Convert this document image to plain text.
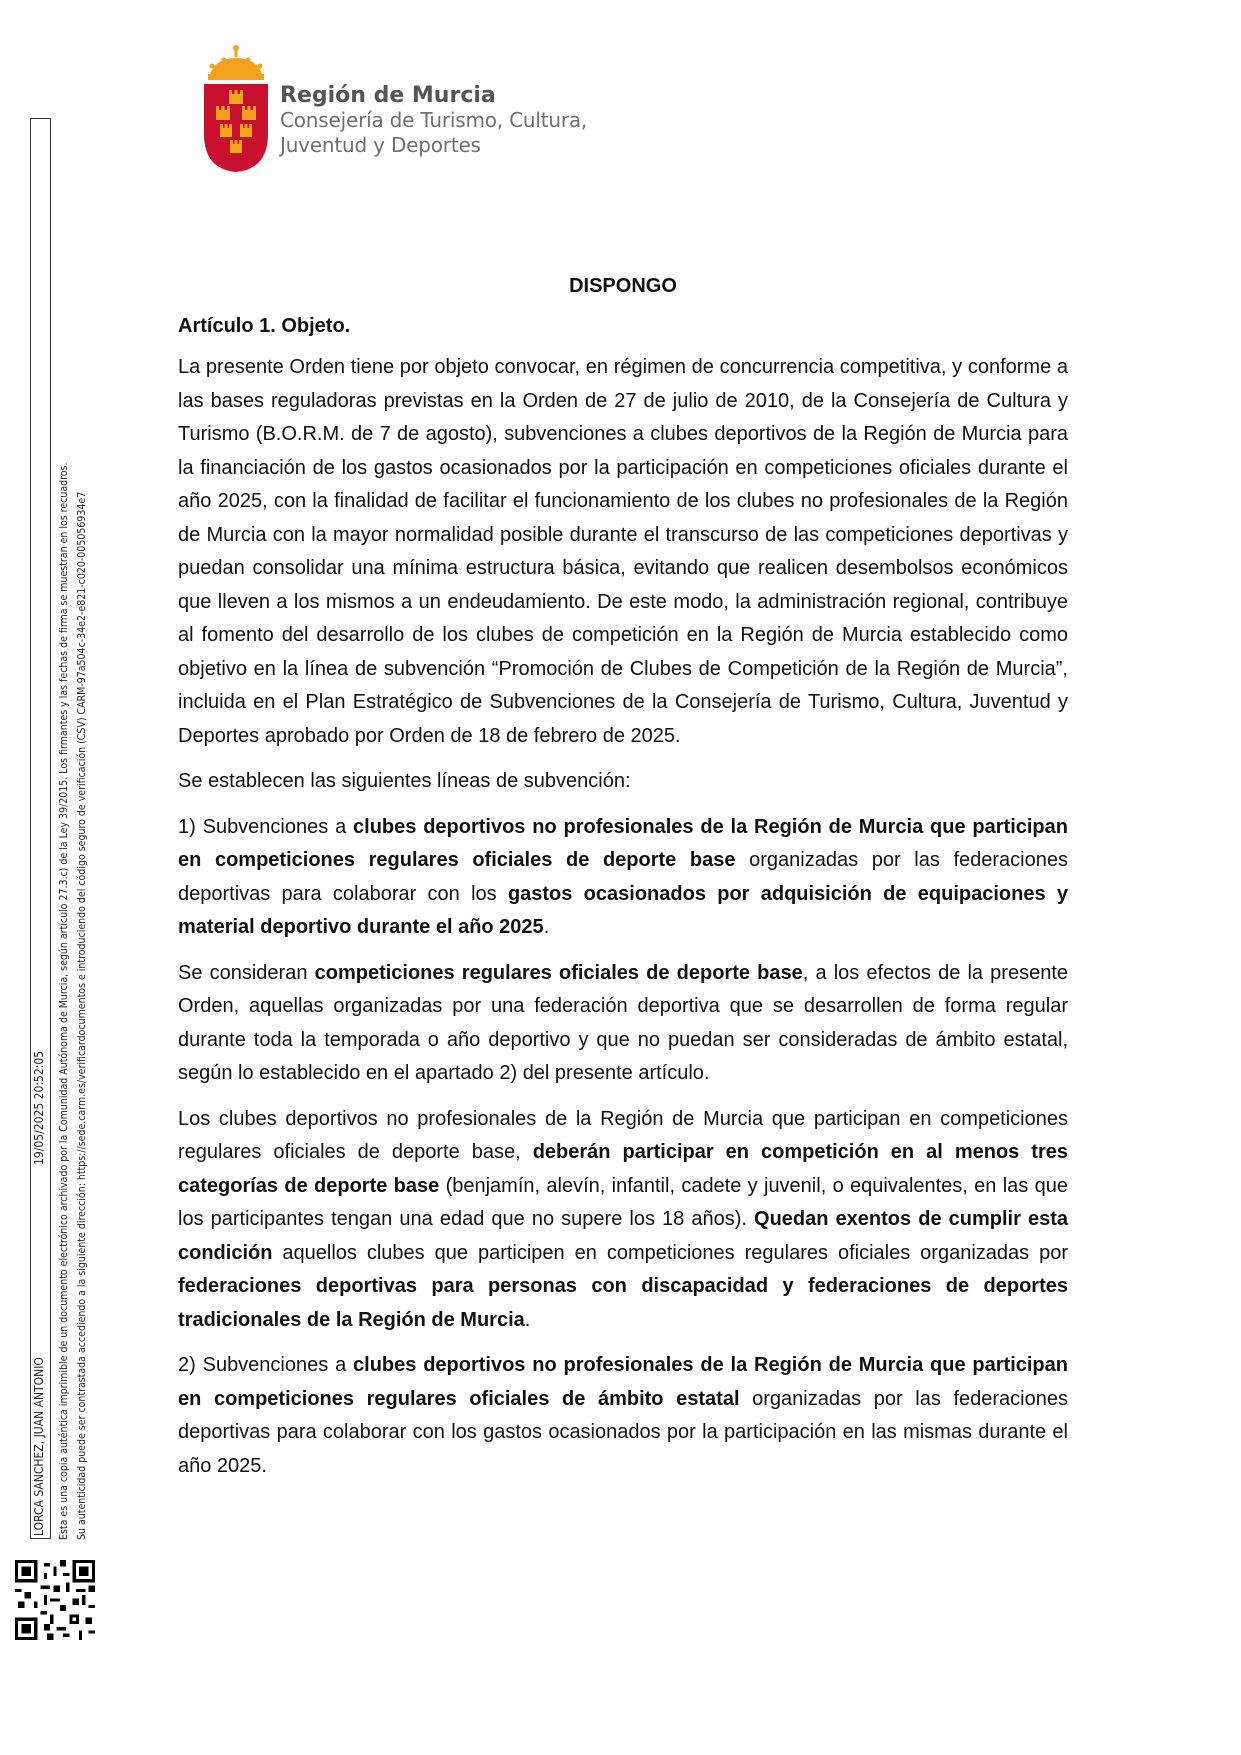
Región de Murcia
Consejería de Turismo, Cultura,
Juventud y Deportes
LORCA SANCHEZ, JUAN ANTONIO
19/05/2025 20:52:05 Esta es una copia auténtica imprimible de un documento electrónico archivado por la Comunidad Autónoma de Murcia, según artículo 27.3.c) de la Ley 39/2015. Los firmantes y las fechas de firma se muestran en los recuadros. Su autenticidad puede ser contrastada accediendo a la siguiente dirección: https://sede.carm.es/verificardocumentos e introduciendo del código seguro de verificación (CSV) CARM-97a504c-34e2-e821-c020-005056934e7
DISPONGO
Artículo 1. Objeto.

La presente Orden tiene por objeto convocar, en régimen de concurrencia competitiva, y conforme a las bases reguladoras previstas en la Orden de 27 de julio de 2010, de la Consejería de Cultura y Turismo (B.O.R.M. de 7 de agosto), subvenciones a clubes deportivos de la Región de Murcia para la financiación de los gastos ocasionados por la participación en competiciones oficiales durante el año 2025, con la finalidad de facilitar el funcionamiento de los clubes no profesionales de la Región de Murcia con la mayor normalidad posible durante el transcurso de las competiciones deportivas y puedan consolidar una mínima estructura básica, evitando que realicen desembolsos económicos que lleven a los mismos a un endeudamiento. De este modo, la administración regional, contribuye al fomento del desarrollo de los clubes de competición en la Región de Murcia establecido como objetivo en la línea de subvención “Promoción de Clubes de Competición de la Región de Murcia”, incluida en el Plan Estratégico de Subvenciones de la Consejería de Turismo, Cultura, Juventud y Deportes aprobado por Orden de 18 de febrero de 2025.

Se establecen las siguientes líneas de subvención:

1) Subvenciones a clubes deportivos no profesionales de la Región de Murcia que participan en competiciones regulares oficiales de deporte base organizadas por las federaciones deportivas para colaborar con los gastos ocasionados por adquisición de equipaciones y material deportivo durante el año 2025.

Se consideran competiciones regulares oficiales de deporte base, a los efectos de la presente Orden, aquellas organizadas por una federación deportiva que se desarrollen de forma regular durante toda la temporada o año deportivo y que no puedan ser consideradas de ámbito estatal, según lo establecido en el apartado 2) del presente artículo.

Los clubes deportivos no profesionales de la Región de Murcia que participan en competiciones regulares oficiales de deporte base, deberán participar en competición en al menos tres categorías de deporte base (benjamín, alevín, infantil, cadete y juvenil, o equivalentes, en las que los participantes tengan una edad que no supere los 18 años). Quedan exentos de cumplir esta condición aquellos clubes que participen en competiciones regulares oficiales organizadas por federaciones deportivas para personas con discapacidad y federaciones de deportes tradicionales de la Región de Murcia.

2) Subvenciones a clubes deportivos no profesionales de la Región de Murcia que participan en competiciones regulares oficiales de ámbito estatal organizadas por las federaciones deportivas para colaborar con los gastos ocasionados por la participación en las mismas durante el año 2025.
